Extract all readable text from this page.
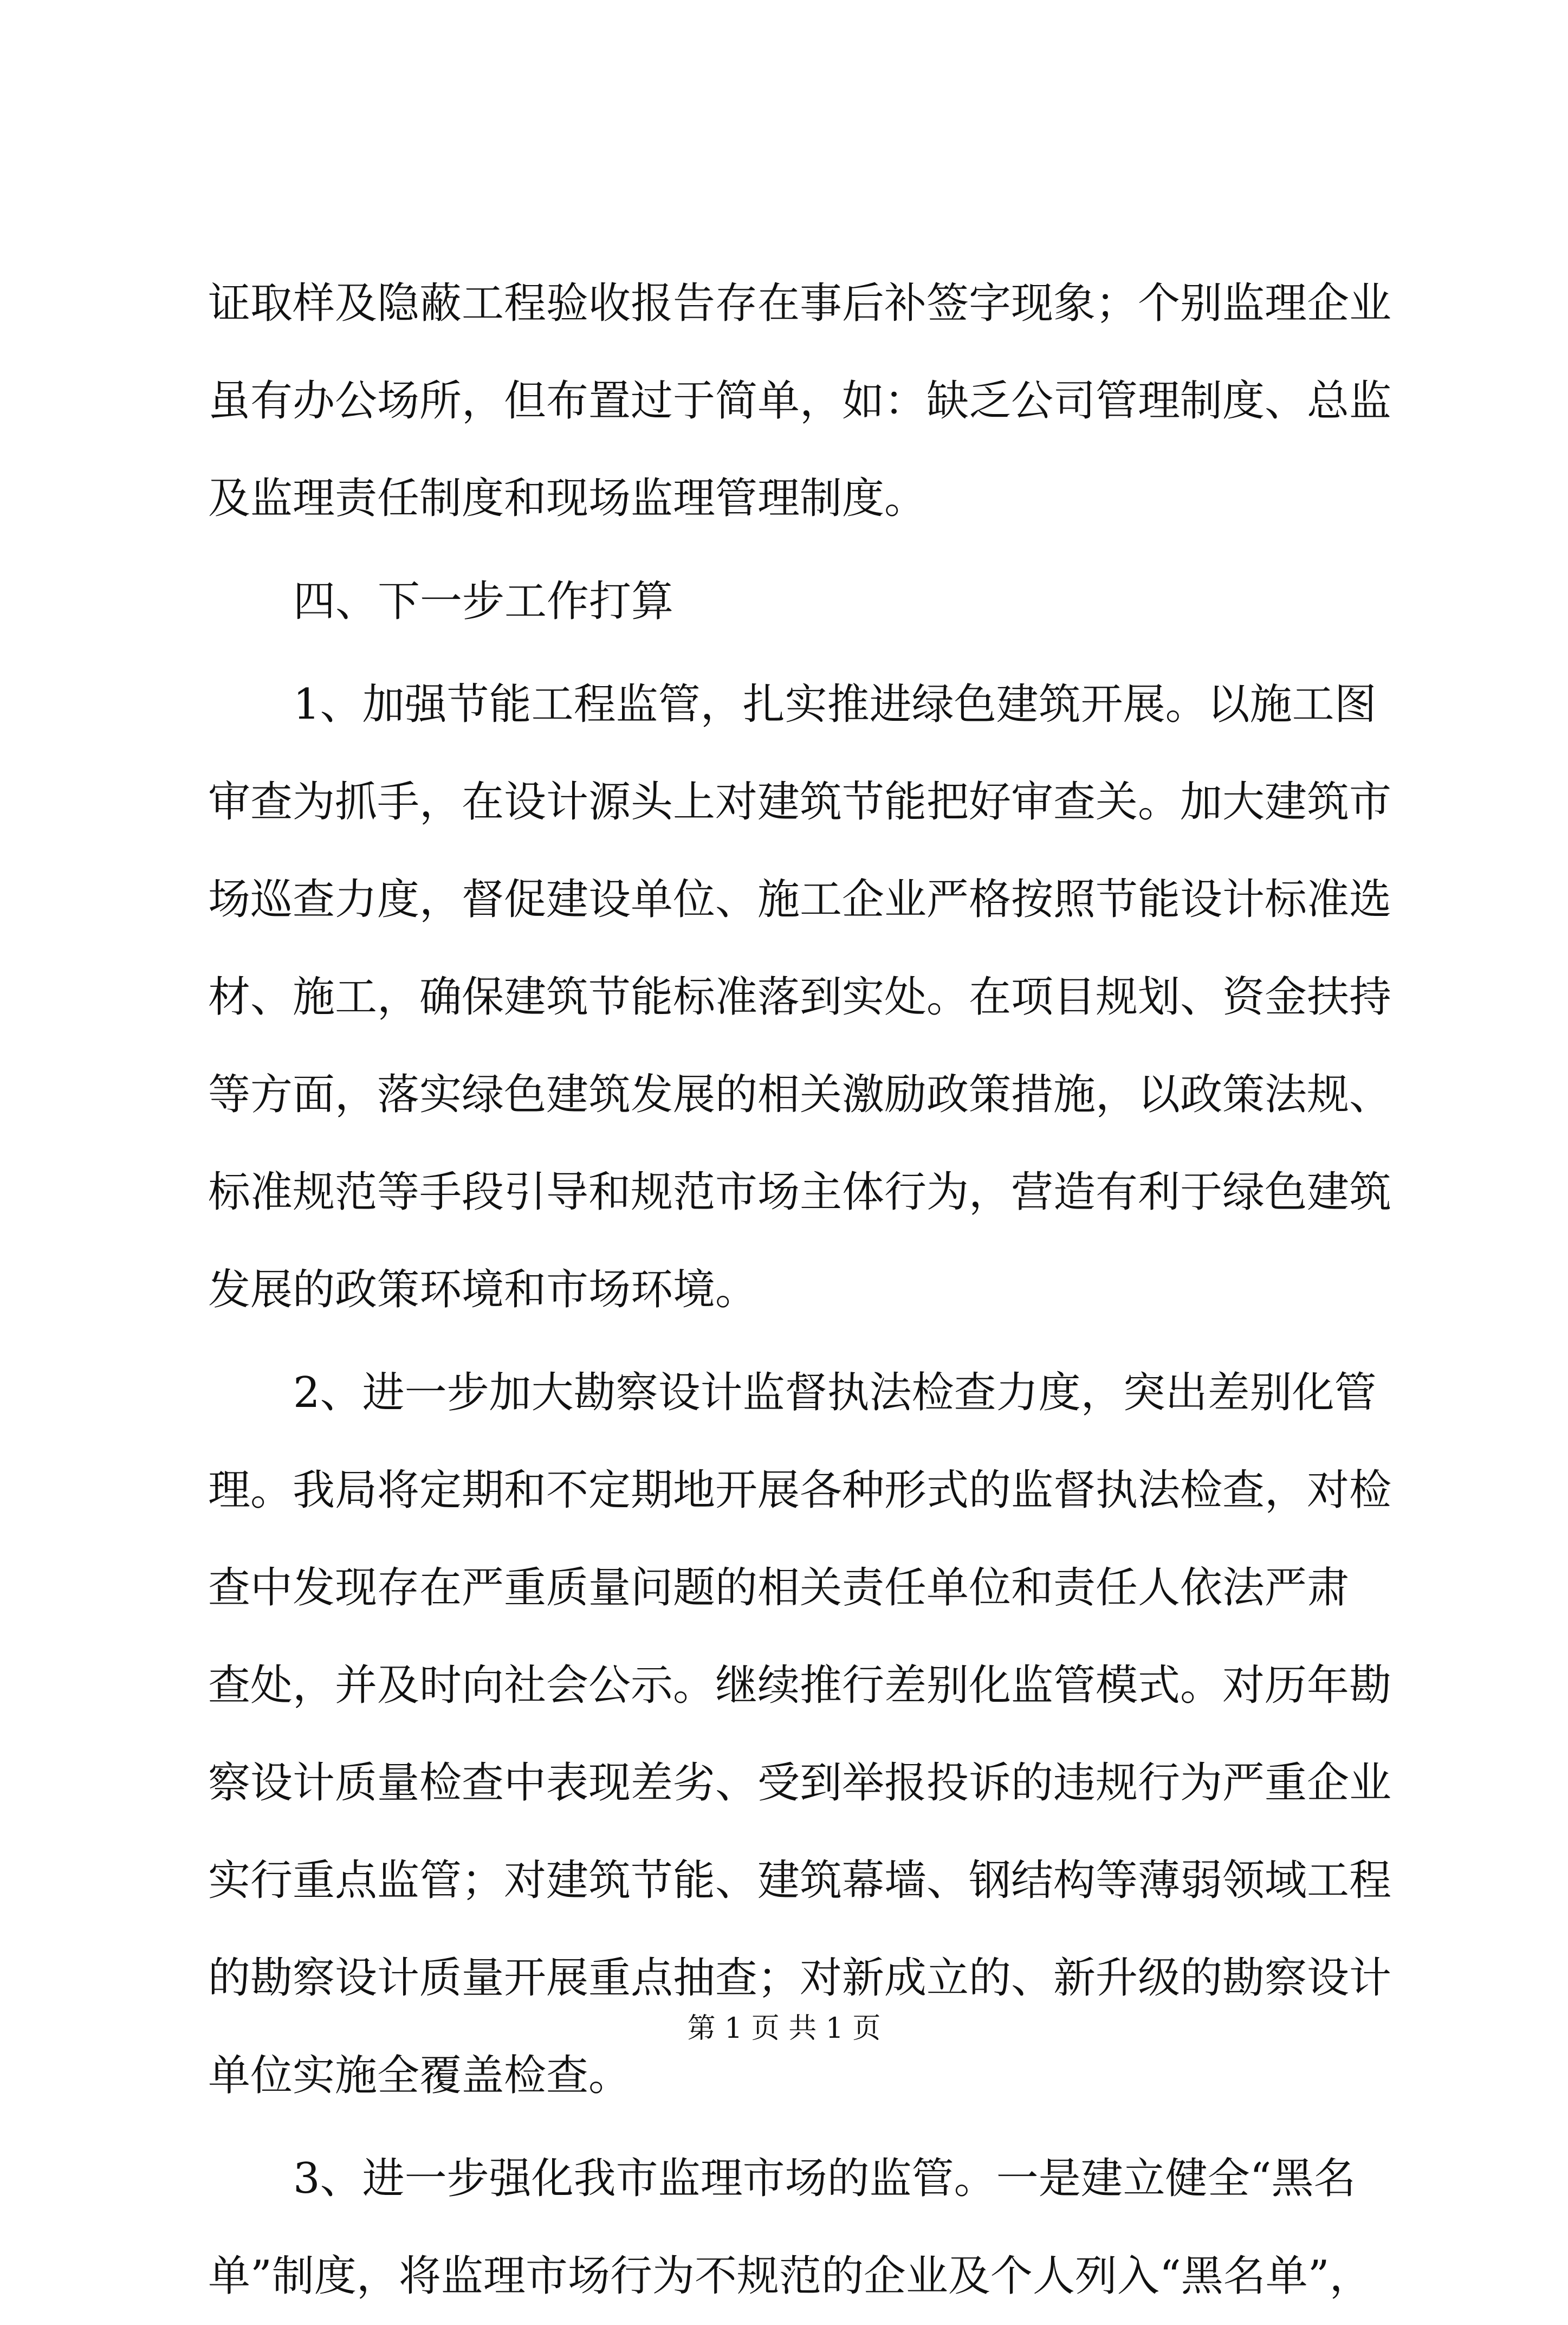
证取样及隐蔽工程验收报告存在事后补签字现象；个别监理企业
虽有办公场所，但布置过于简单，如：缺乏公司管理制度、总监
及监理责任制度和现场监理管理制度。
四、下一步工作打算
1、加强节能工程监管，扎实推进绿色建筑开展。以施工图
审查为抓手，在设计源头上对建筑节能把好审查关。加大建筑市
场巡查力度，督促建设单位、施工企业严格按照节能设计标准选
材、施工，确保建筑节能标准落到实处。在项目规划、资金扶持
等方面，落实绿色建筑发展的相关激励政策措施，以政策法规、
标准规范等手段引导和规范市场主体行为，营造有利于绿色建筑
发展的政策环境和市场环境。
2、进一步加大勘察设计监督执法检查力度，突出差别化管
理。我局将定期和不定期地开展各种形式的监督执法检查，对检
查中发现存在严重质量问题的相关责任单位和责任人依法严肃
查处，并及时向社会公示。继续推行差别化监管模式。对历年勘
察设计质量检查中表现差劣、受到举报投诉的违规行为严重企业
实行重点监管；对建筑节能、建筑幕墙、钢结构等薄弱领域工程
的勘察设计质量开展重点抽查；对新成立的、新升级的勘察设计
单位实施全覆盖检查。
3、进一步强化我市监理市场的监管。一是建立健全“黑名
单”制度，将监理市场行为不规范的企业及个人列入“黑名单”，
第 1 页 共 1 页
